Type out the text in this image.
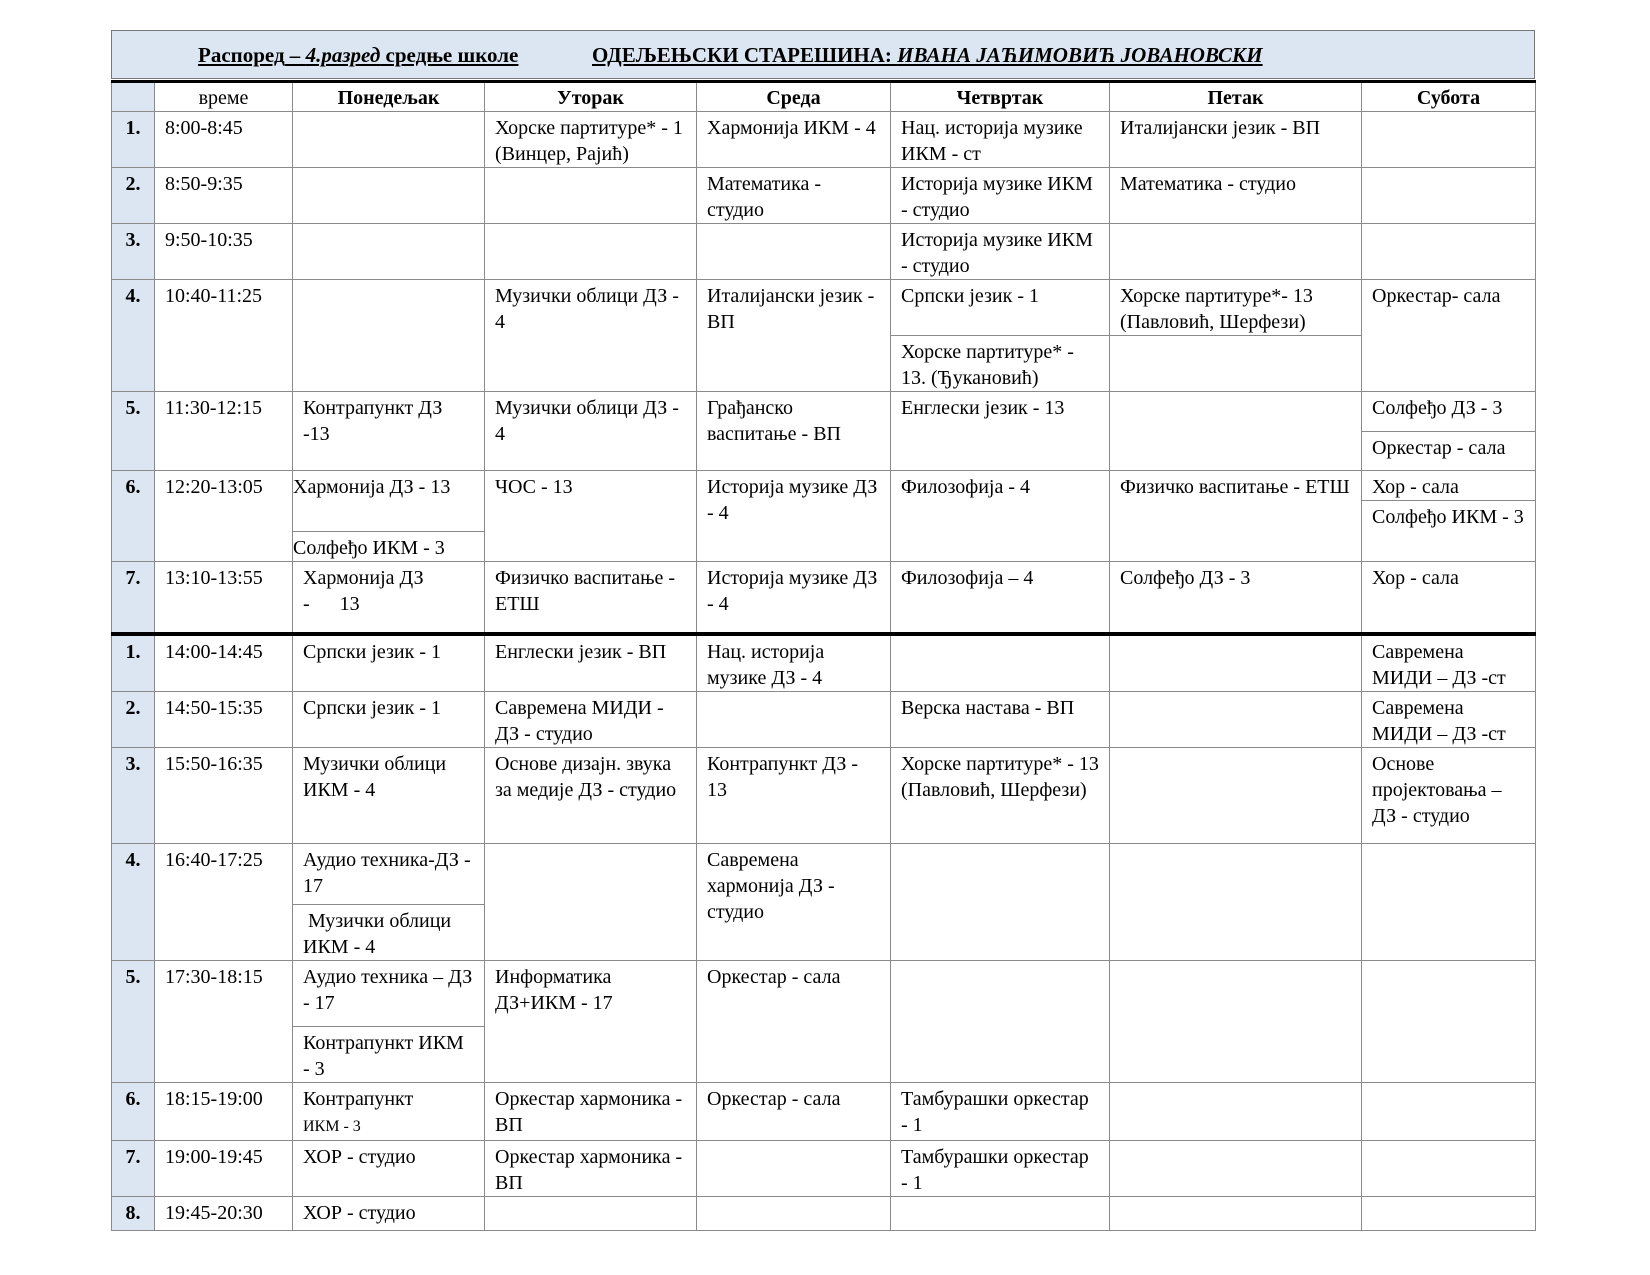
Распоред – 4.разред средње школе	ОДЕЉЕЊСКИ СТАРЕШИНА: ИВАНА ЈАЋИМОВИЋ ЈОВАНОВСКИ
	време	Понедељак	Уторак	Среда	Четвртак	Петак	Субота
1.	8:00-8:45		Хорске партитуре* - 1 (Винцер, Рајић)	Хармонија ИКМ - 4	Нац. историја музике ИКМ - ст	Италијански језик - ВП	
2.	8:50-9:35			Математика - студио	Историја музике ИКМ - студио	Математика - студио	
3.	9:50-10:35				Историја музике ИКМ - студио		
4.	10:40-11:25		Музички облици ДЗ - 4	Италијански језик - ВП	Српски језик - 1	Хорске партитуре*- 13 (Павловић, Шерфези)	Оркестар- сала
					Хорске партитуре* - 13. (Ђукановић)		
5.	11:30-12:15	Контрапункт ДЗ -13	Музички облици ДЗ - 4	Грађанско васпитање - ВП	Енглески језик - 13		Солфеђо ДЗ - 3
							Оркестар - сала
6.	12:20-13:05	Хармонија ДЗ - 13	ЧОС - 13	Историја музике ДЗ - 4	Филозофија - 4	Физичко васпитање - ЕТШ	Хор - сала
							Солфеђо ИКМ - 3
		Солфеђо ИКМ - 3					
7.	13:10-13:55	Хармонија ДЗ          -      13	Физичко васпитање - ЕТШ	Историја музике ДЗ - 4	Филозофија – 4	Солфеђо ДЗ - 3	Хор - сала
1.	14:00-14:45	Српски језик - 1	Енглески језик - ВП	Нац. историја музике ДЗ - 4			Савремена МИДИ – ДЗ -ст
2.	14:50-15:35	Српски језик - 1	Савремена МИДИ - ДЗ - студио		Верска настава - ВП		Савремена МИДИ – ДЗ -ст
3.	15:50-16:35	Музички облици ИКМ - 4	Основе дизајн. звука за медије ДЗ - студио	Контрапункт ДЗ - 13	Хорске партитуре* - 13 (Павловић, Шерфези)		Основе пројектовања – ДЗ - студио
4.	16:40-17:25	Аудио техника-ДЗ - 17		Савремена хармонија ДЗ - студио			
		Музички облици ИКМ - 4					
5.	17:30-18:15	Аудио техника – ДЗ - 17	Информатика ДЗ+ИКМ - 17	Оркестар - сала			
		Контрапункт ИКМ - 3					
6.	18:15-19:00	Контрапункт
ИКМ - 3	Оркестар хармоника - ВП	Оркестар - сала	Тамбурашки оркестар - 1		
7.	19:00-19:45	ХОР - студио	Оркестар хармоника - ВП		Тамбурашки оркестар - 1		
8.	19:45-20:30	ХОР - студио					
